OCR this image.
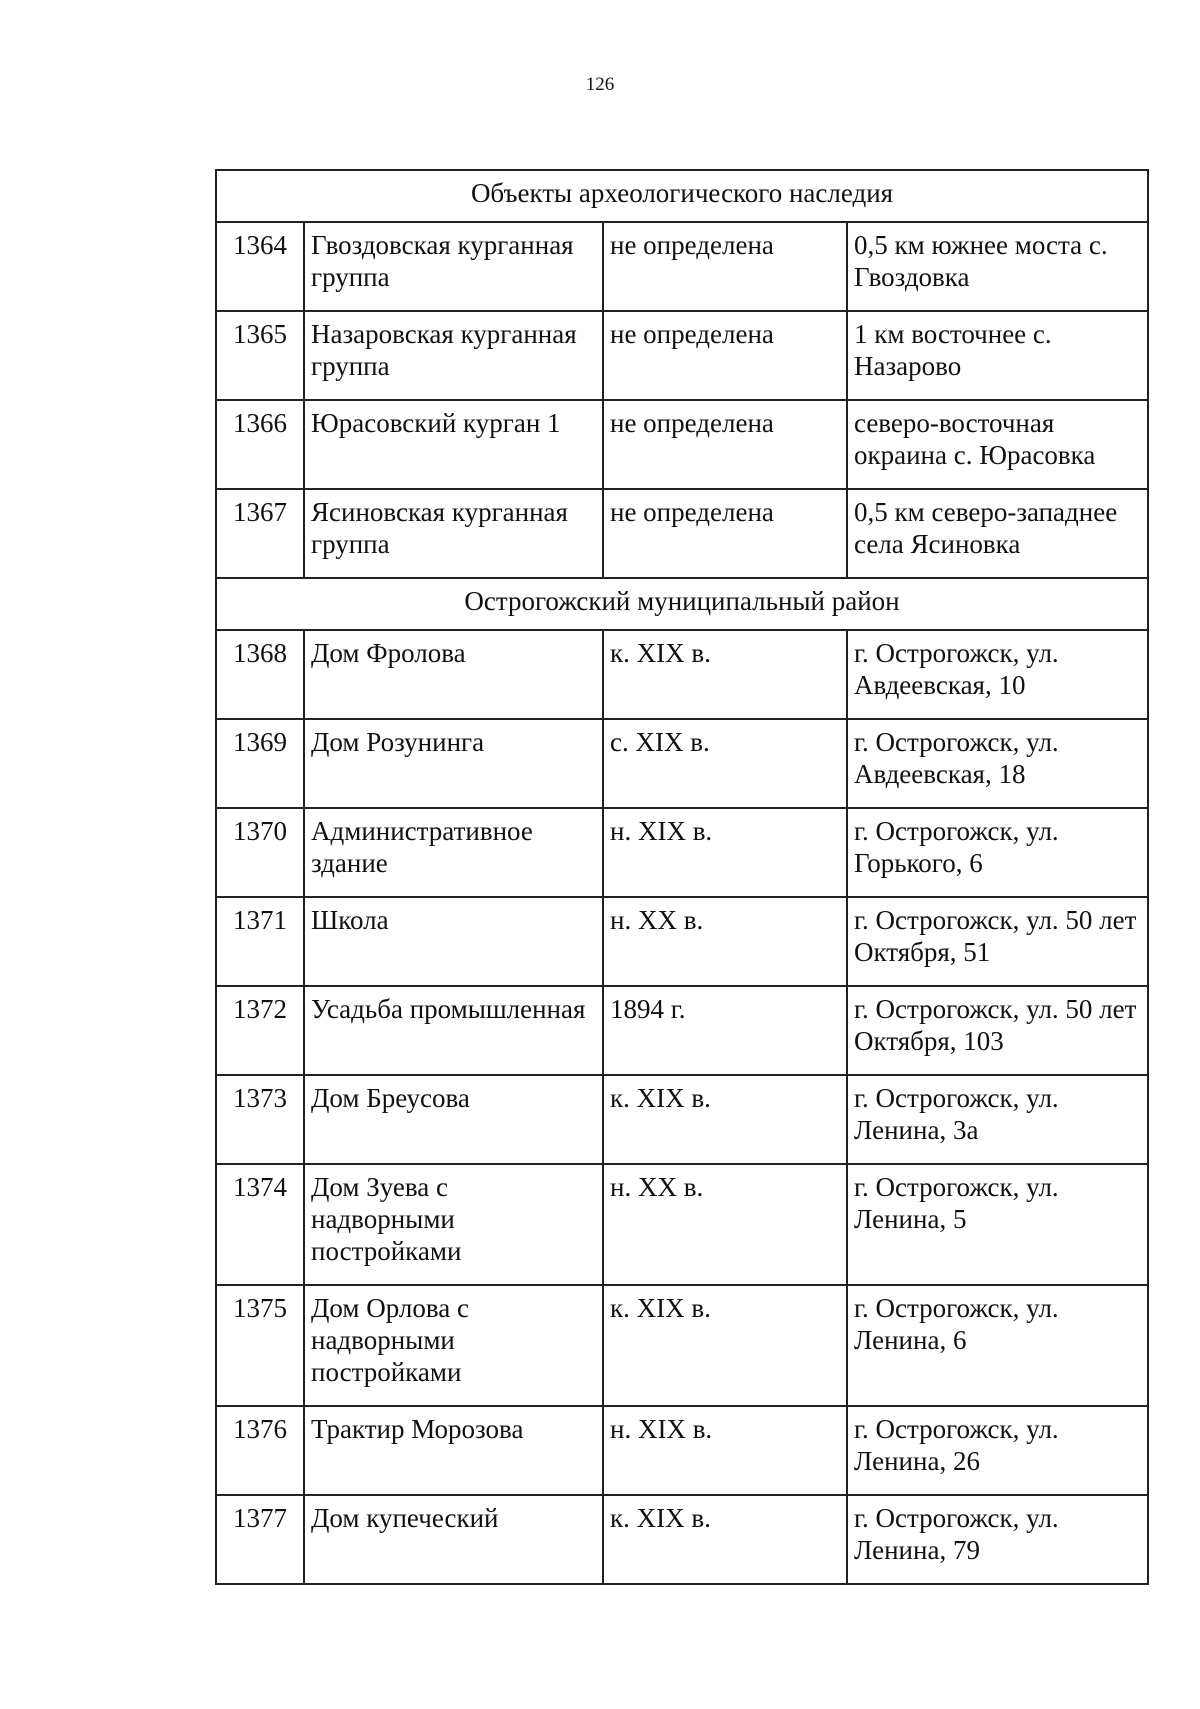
126
Объекты археологического наследия			
1364	Гвоздовская курганная группа	не определена	0,5 км южнее моста с. Гвоздовка
1365	Назаровская курганная группа	не определена	1 км восточнее с. Назарово
1366	Юрасовский курган 1	не определена	северо-восточная окраина с. Юрасовка
1367	Ясиновская курганная группа	не определена	0,5 км северо-западнее села Ясиновка
Острогожский муниципальный район			
1368	Дом Фролова	к. XIX в.	г. Острогожск, ул. Авдеевская, 10
1369	Дом Розунинга	с. XIX в.	г. Острогожск, ул. Авдеевская, 18
1370	Административное здание	н. XIX в.	г. Острогожск, ул. Горького, 6
1371	Школа	н. XX в.	г. Острогожск, ул. 50 лет Октября, 51
1372	Усадьба промышленная	1894 г.	г. Острогожск, ул. 50 лет Октября, 103
1373	Дом Бреусова	к. XIX в.	г. Острогожск, ул. Ленина, 3а
1374	Дом Зуева с надворными постройками	н. XX в.	г. Острогожск, ул. Ленина, 5
1375	Дом Орлова с надворными постройками	к. XIX в.	г. Острогожск, ул. Ленина, 6
1376	Трактир Морозова	н. XIX в.	г. Острогожск, ул. Ленина, 26
1377	Дом купеческий	к. XIX в.	г. Острогожск, ул. Ленина, 79
